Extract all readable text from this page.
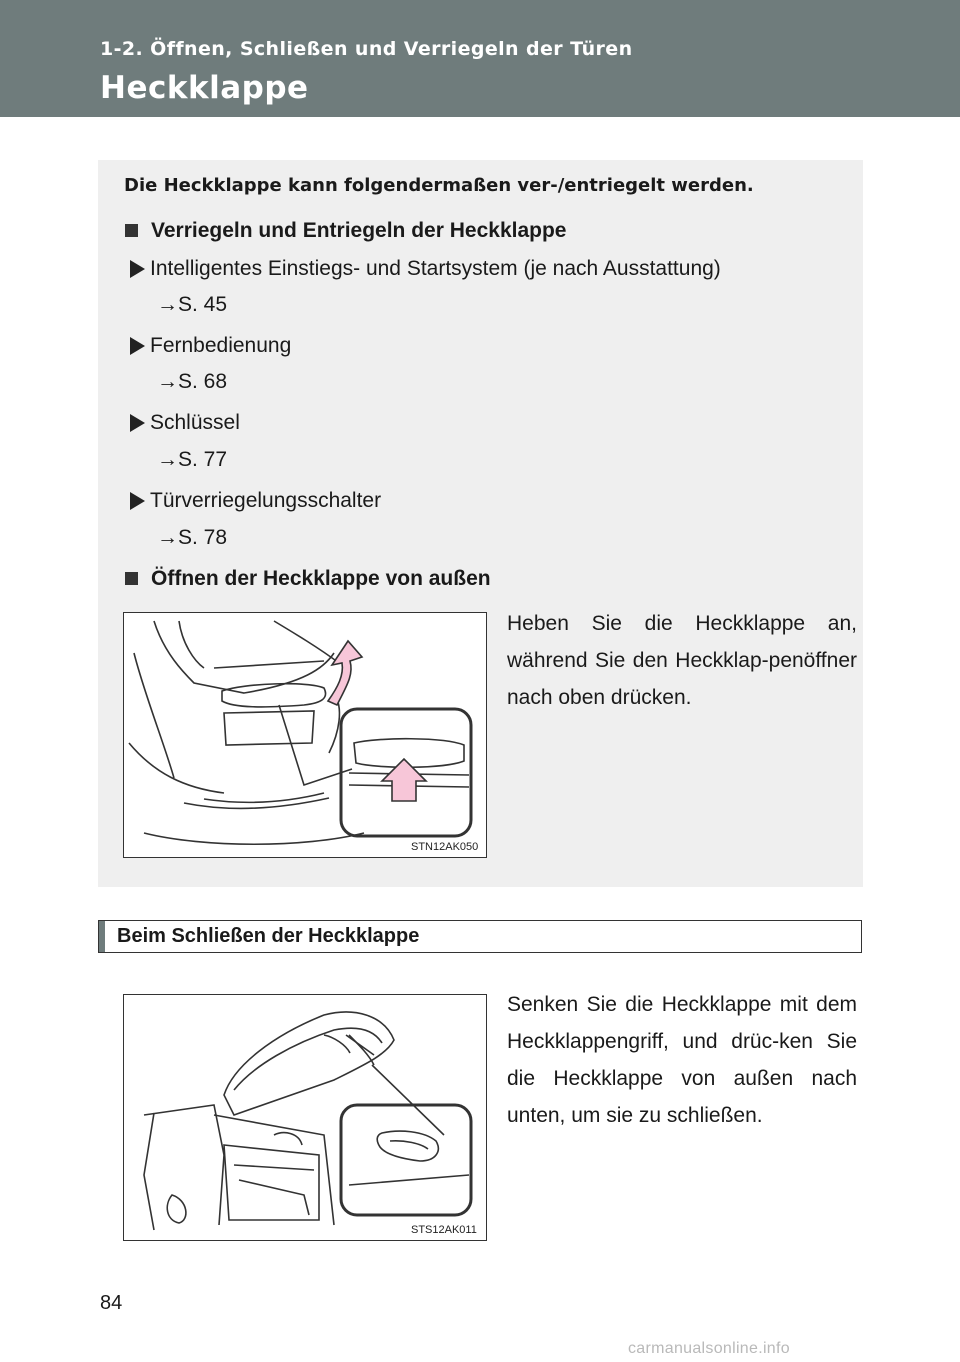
1-2. Öffnen, Schließen und Verriegeln der Türen
Heckklappe
Die Heckklappe kann folgendermaßen ver-/entriegelt werden.
Verriegeln und Entriegeln der Heckklappe
Intelligentes Einstiegs- und Startsystem (je nach Ausstattung)
→S. 45
Fernbedienung
→S. 68
Schlüssel
→S. 77
Türverriegelungsschalter
→S. 78
Öffnen der Heckklappe von außen
Heben Sie die Heckklappe an, während Sie den Heckklap-penöffner nach oben drücken.
STN12AK050
Beim Schließen der Heckklappe
Senken Sie die Heckklappe mit dem Heckklappengriff, und drüc-ken Sie die Heckklappe von außen nach unten, um sie zu schließen.
STS12AK011
84
carmanualsonline.info
